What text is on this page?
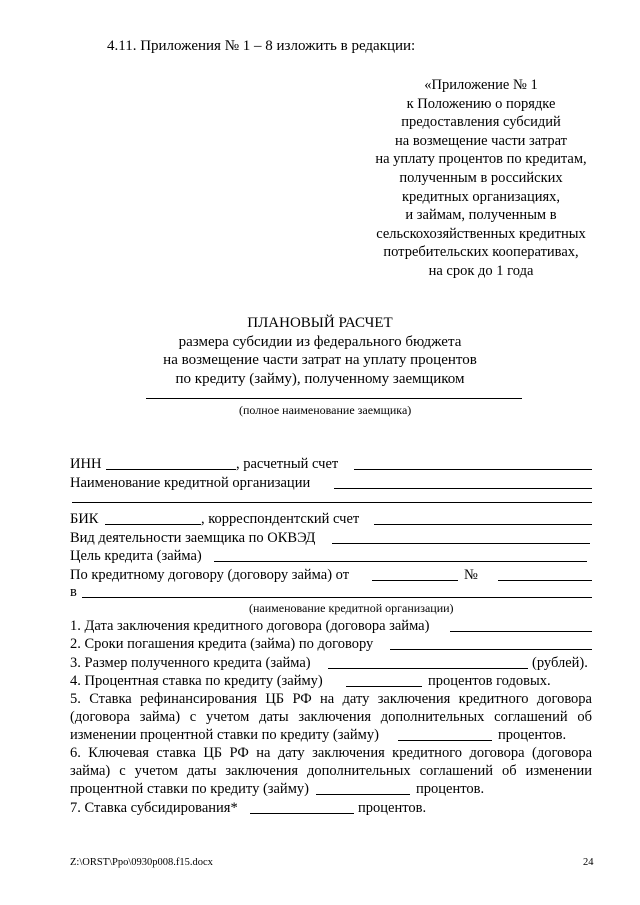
4.11. Приложения № 1 – 8 изложить в редакции:
«Приложение № 1
к Положению о порядке
предоставления субсидий
на возмещение части затрат
на уплату процентов по кредитам,
полученным в российских
кредитных организациях,
и займам, полученным в
сельскохозяйственных кредитных
потребительских кооперативах,
на срок до 1 года
ПЛАНОВЫЙ РАСЧЕТ
размера субсидии из федерального бюджета
на возмещение части затрат на уплату процентов
по кредиту (займу), полученному заемщиком
(полное наименование заемщика)
ИНН	, расчетный счет
Наименование кредитной организации
БИК	, корреспондентский счет
Вид деятельности заемщика по ОКВЭД
Цель кредита (займа)
По кредитному договору (договору займа) от	№
в
(наименование кредитной организации)
1. Дата заключения кредитного договора (договора займа)
2. Сроки погашения кредита (займа) по договору
3. Размер полученного кредита (займа)	(рублей).
4. Процентная ставка по кредиту (займу)	процентов годовых.
5. Ставка рефинансирования ЦБ РФ на дату заключения кредитного договора
(договора займа) с учетом даты заключения дополнительных соглашений об
изменении процентной ставки по кредиту (займу)	процентов.
6. Ключевая ставка ЦБ РФ на дату заключения кредитного договора (договора
займа) с учетом даты заключения дополнительных соглашений об изменении
процентной ставки по кредиту (займу)	процентов.
7. Ставка субсидирования*	процентов.
Z:\ORST\Ppo\0930p008.f15.docx	24
